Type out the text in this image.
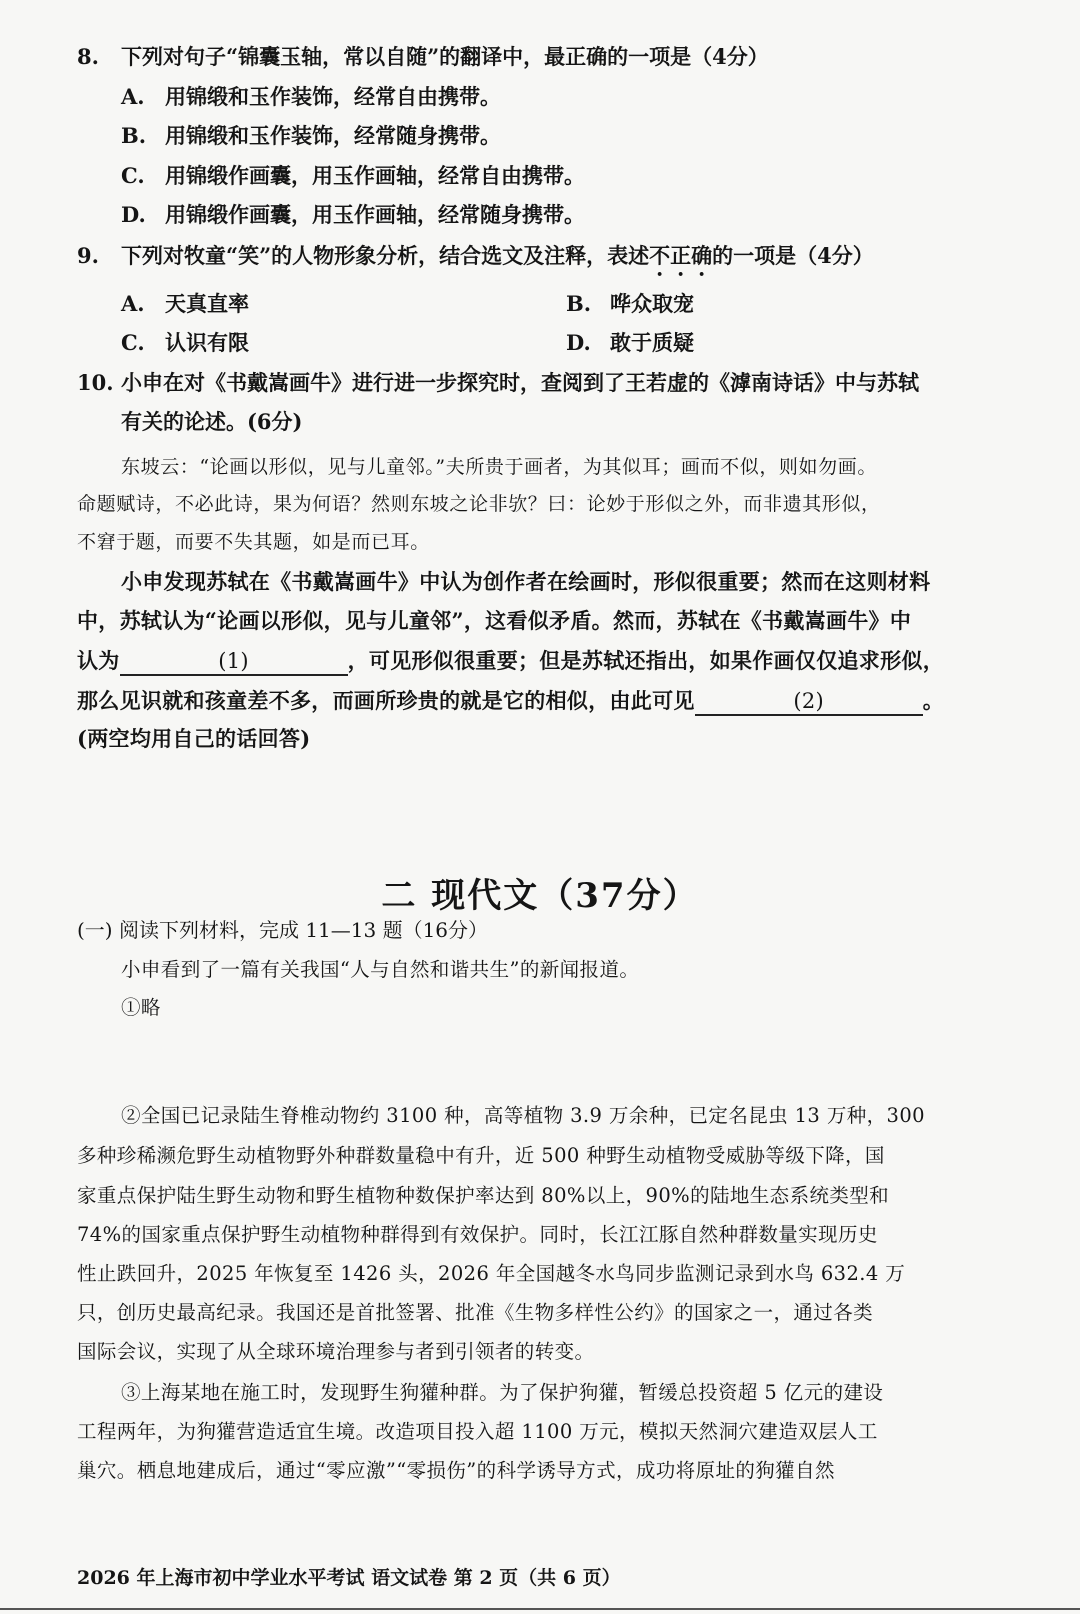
8. 下列对句子“锦囊玉轴，常以自随”的翻译中，最正确的一项是（4分）
A. 用锦缎和玉作装饰，经常自由携带。
B. 用锦缎和玉作装饰，经常随身携带。
C. 用锦缎作画囊，用玉作画轴，经常自由携带。
D. 用锦缎作画囊，用玉作画轴，经常随身携带。
9. 下列对牧童“笑”的人物形象分析，结合选文及注释，表述不正确的一项是（4分）
A. 天真直率	B. 哗众取宠
C. 认识有限	D. 敢于质疑
10. 小申在对《书戴嵩画牛》进行进一步探究时，查阅到了王若虚的《滹南诗话》中与苏轼
有关的论述。(6分)
东坡云：“论画以形似，见与儿童邻。”夫所贵于画者，为其似耳；画而不似，则如勿画。
命题赋诗，不必此诗，果为何语？然则东坡之论非欤？曰：论妙于形似之外，而非遗其形似，
不窘于题，而要不失其题，如是而已耳。
小申发现苏轼在《书戴嵩画牛》中认为创作者在绘画时，形似很重要；然而在这则材料
中，苏轼认为“论画以形似，见与儿童邻”，这看似矛盾。然而，苏轼在《书戴嵩画牛》中
认为	(1)	，可见形似很重要；但是苏轼还指出，如果作画仅仅追求形似，
那么见识就和孩童差不多，而画所珍贵的就是它的相似，由此可见	(2)	。
(两空均用自己的话回答)
二 现代文（37分）
(一) 阅读下列材料，完成 11—13 题（16分）
小申看到了一篇有关我国“人与自然和谐共生”的新闻报道。
①略
②全国已记录陆生脊椎动物约 3100 种，高等植物 3.9 万余种，已定名昆虫 13 万种，300
多种珍稀濒危野生动植物野外种群数量稳中有升，近 500 种野生动植物受威胁等级下降，国
家重点保护陆生野生动物和野生植物种数保护率达到 80%以上，90%的陆地生态系统类型和
74%的国家重点保护野生动植物种群得到有效保护。同时，长江江豚自然种群数量实现历史
性止跌回升，2025 年恢复至 1426 头，2026 年全国越冬水鸟同步监测记录到水鸟 632.4 万
只，创历史最高纪录。我国还是首批签署、批准《生物多样性公约》的国家之一，通过各类
国际会议，实现了从全球环境治理参与者到引领者的转变。
③上海某地在施工时，发现野生狗獾种群。为了保护狗獾，暂缓总投资超 5 亿元的建设
工程两年，为狗獾营造适宜生境。改造项目投入超 1100 万元，模拟天然洞穴建造双层人工
巢穴。栖息地建成后，通过“零应激”“零损伤”的科学诱导方式，成功将原址的狗獾自然
2026 年上海市初中学业水平考试 语文试卷 第 2 页（共 6 页）
